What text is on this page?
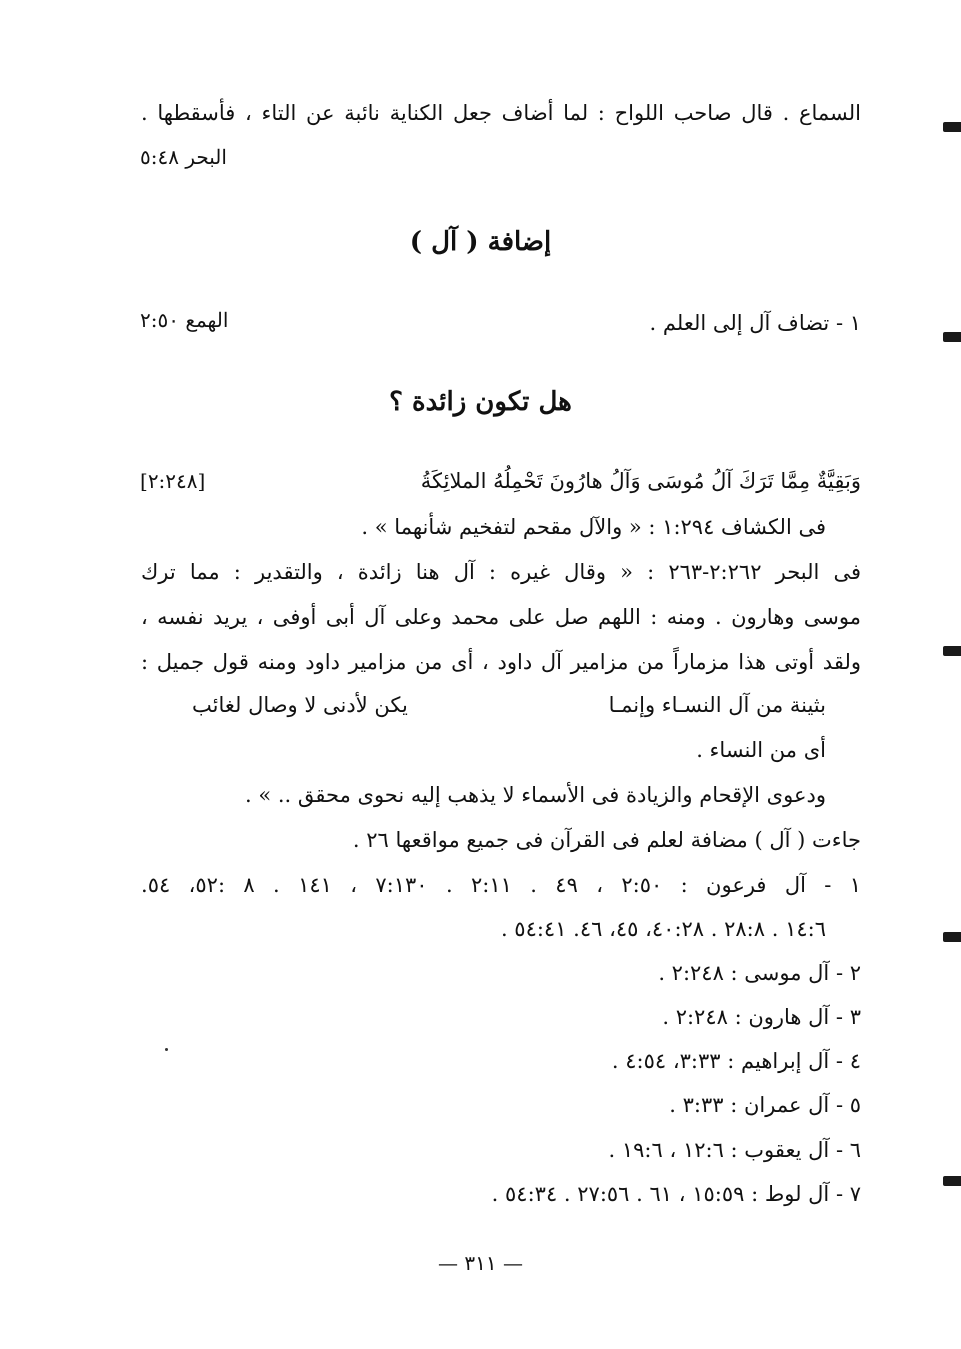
السماع . قال صاحب اللواح : لما أضاف جعل الكناية نائبة عن التاء ، فأسقطها .
البحر ٥:٤٨
إضافة ( آل )
١ - تضاف آل إلى العلم .
الهمع ٢:٥٠
هل تكون زائدة ؟
وَبَقِيَّةٌ مِمَّا تَرَكَ آلُ مُوسَى وَآلُ هارُونَ تَحْمِلُهُ الملائِكَةُ
[٢:٢٤٨]
فى الكشاف ١:٢٩٤ : « والآل مقحم لتفخيم شأنهما » .
فى البحر ٢:٢٦٢-٢٦٣ : « وقال غيره : آل هنا زائدة ، والتقدير : مما ترك
موسى وهارون . ومنه : اللهم صل على محمد وعلى آل أبى أوفى ، يريد نفسه ،
ولقد أوتى هذا مزماراً من مزامير آل داود ، أى من مزامير داود ومنه قول جميل :
بثينة من آل النسـاء وإنمـا
يكن لأدنى لا وصال لغائب
أى من النساء .
ودعوى الإقحام والزيادة فى الأسماء لا يذهب إليه نحوى محقق .. » .
جاءت ( آل ) مضافة لعلم فى القرآن فى جميع مواقعها ٢٦ .
١ - آل فرعون : ٢:٥٠ ، ٤٩ . ٢:١١ . ٧:١٣٠ ، ١٤١ . ٨ :٥٢، ٥٤.
١٤:٦ . ٢٨:٨ . ٤٠:٢٨، ٤٥، ٤٦. ٥٤:٤١ .
٢ - آل موسى : ٢:٢٤٨ .
٣ - آل هارون : ٢:٢٤٨ .
٤ - آل إبراهيم : ٣:٣٣، ٤:٥٤ .
٥ - آل عمران : ٣:٣٣ .
٦ - آل يعقوب : ١٢:٦ ، ١٩:٦ .
٧ - آل لوط : ١٥:٥٩ ، ٦١ . ٢٧:٥٦ . ٥٤:٣٤ .
— ٣١١ —
